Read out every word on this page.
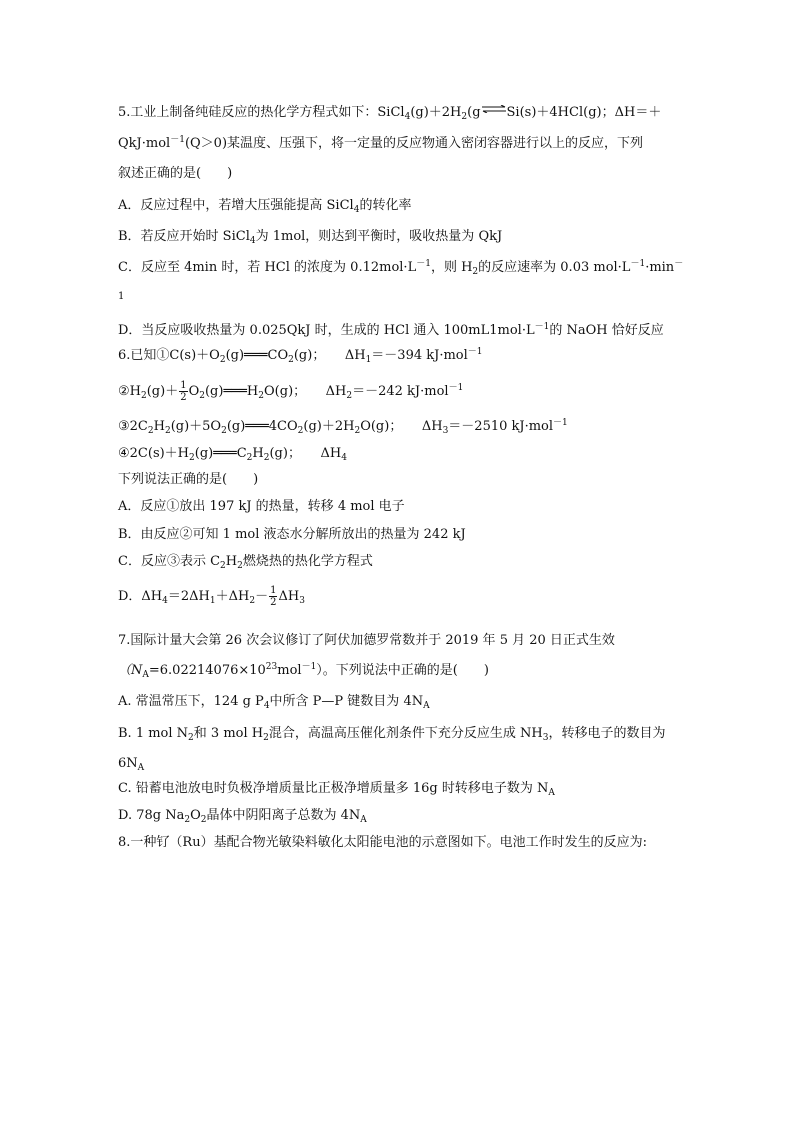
5.工业上制备纯硅反应的热化学方程式如下：$SiCl_4(g)+2H_2(g\rightleftharpoons Si(s)+4HCl(g)$；ΔH＝＋
QkJ·mol$^{-1}$(Q＞0)某温度、压强下，将一定量的反应物通入密闭容器进行以上的反应，下列
叙述正确的是(　　)
A．反应过程中，若增大压强能提高 SiCl$_4$的转化率
B．若反应开始时 SiCl$_4$为 1mol，则达到平衡时，吸收热量为 QkJ
C．反应至 4min 时，若 HCl 的浓度为 $0.12mol\cdot L^{-1}$，则 $H_2$的反应速率为 0.03 $mol\cdot L^{-1}\cdot\min^-$
1
D．当反应吸收热量为 0.025QkJ 时，生成的 HCl 通入 $100mL1mol\cdot L^{-1}$的 NaOH 恰好反应
6.已知$①C(s)+O_2(g)═══CO_2(g)$；　　$\Delta H_1=-394$ kJ·mol$^{-1}$
$②H_2(g)+ \frac{1}{2}$ $O_2(g)═══H_2O(g)$；　　$\Delta H_2=-242$ kJ·mol$^{-1}$
$③2C_2H_2(g)+5O_2(g)═══4CO_2(g)+2H_2O(g)$；　　$\Delta H_3=-2510$ kJ·mol$^{-1}$
$④2C(s)+H_2(g)═══C_2H_2(g)$；　　$\Delta H_4$
下列说法正确的是(　　)
A．反应①放出 197 kJ 的热量，转移 4 mol 电子
B．由反应②可知 1 mol 液态水分解所放出的热量为 242 kJ
C．反应③表示 $C_2H_2$燃烧热的热化学方程式
D．$\Delta H_4=2\Delta H_1+\Delta H_2- \frac{1}{2} \Delta H_3$
7.国际计量大会第 26 次会议修订了阿伏加德罗常数并于 2019 年 5 月 20 日正式生效
$(N_A=6.02214076\times 10^{23}mol^{-1})$。下列说法中正确的是(　　)
A. 常温常压下，124 g $P_4$中所含 P—P 键数目为 $4N_A$
B. 1 mol $N_2$和 3 mol $H_2$混合，高温高压催化剂条件下充分反应生成 $NH_3$，转移电子的数目为
$6N_A$
C. 铅蓄电池放电时负极净增质量比正极净增质量多 16g 时转移电子数为 $N_A$
D. 78g $Na_2O_2$晶体中阴阳离子总数为 $4N_A$
8.一种钌（Ru）基配合物光敏染料敏化太阳能电池的示意图如下。电池工作时发生的反应为:
